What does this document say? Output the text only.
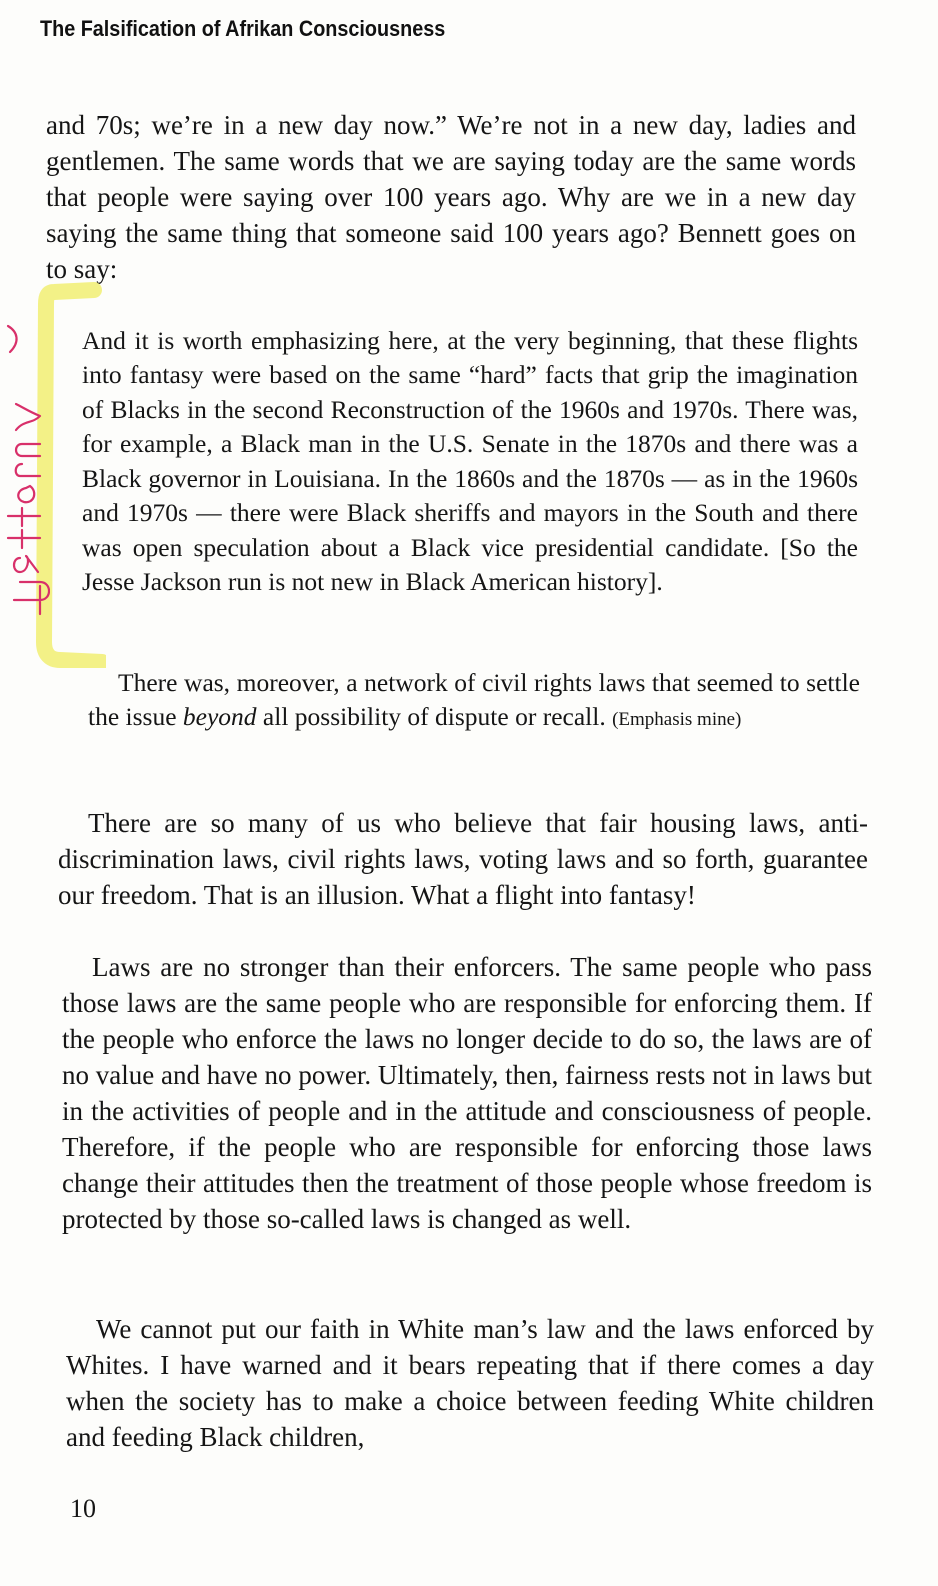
The Falsification of Afrikan Consciousness

and 70s; we’re in a new day now.” We’re not in a new day, ladies and gentlemen. The same words that we are saying today are the same words that people were saying over 100 years ago. Why are we in a new day saying the same thing that someone said 100 years ago? Bennett goes on to say:

And it is worth emphasizing here, at the very beginning, that these flights into fantasy were based on the same “hard” facts that grip the imagination of Blacks in the second Reconstruction of the 1960s and 1970s. There was, for example, a Black man in the U.S. Senate in the 1870s and there was a Black governor in Louisiana. In the 1860s and the 1870s — as in the 1960s and 1970s — there were Black sheriffs and mayors in the South and there was open speculation about a Black vice presidential candidate. [So the Jesse Jackson run is not new in Black American history].

There was, moreover, a network of civil rights laws that seemed to settle the issue beyond all possibility of dispute or recall. (Emphasis mine)

There are so many of us who believe that fair housing laws, anti-discrimination laws, civil rights laws, voting laws and so forth, guarantee our freedom. That is an illusion. What a flight into fantasy!

Laws are no stronger than their enforcers. The same people who pass those laws are the same people who are responsible for enforcing them. If the people who enforce the laws no longer decide to do so, the laws are of no value and have no power. Ultimately, then, fairness rests not in laws but in the activities of people and in the attitude and consciousness of people. Therefore, if the people who are responsible for enforcing those laws change their attitudes then the treatment of those people whose freedom is protected by those so-called laws is changed as well.

We cannot put our faith in White man’s law and the laws enforced by Whites. I have warned and it bears repeating that if there comes a day when the society has to make a choice between feeding White children and feeding Black children,

10
